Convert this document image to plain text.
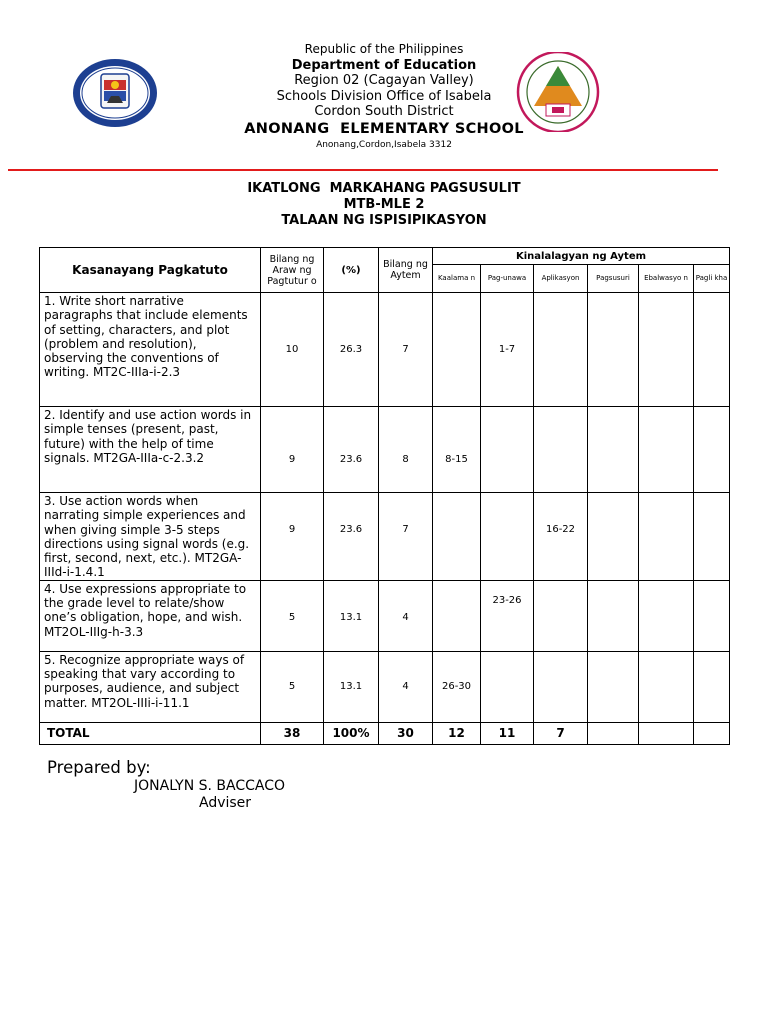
Republic of the Philippines
Department of Education
Region 02 (Cagayan Valley)
Schools Division Office of Isabela
Cordon South District
ANONANG  ELEMENTARY SCHOOL
Anonang,Cordon,Isabela 3312
IKATLONG  MARKAHANG PAGSUSULIT
MTB-MLE 2
TALAAN NG ISPISIPIKASYON
Kasanayang Pagkatuto	Bilang ng Araw ng Pagtutur o	(%)	Bilang ng Aytem	Kinalalagyan ng Aytem					
				Kaalama n	Pag-unawa	Aplikasyon	Pagsusuri	Ebalwasyo n	Pagli kha
1. Write short narrative paragraphs that include elements of setting, characters, and plot (problem and resolution), observing the conventions of writing. MT2C-IIIa-i-2.3	10	26.3	7		1-7				
2. Identify and use action words in simple tenses (present, past, future) with the help of time signals. MT2GA-IIIa-c-2.3.2	9	23.6	8	8-15					
3. Use action words when narrating simple experiences and when giving simple 3-5 steps directions using signal words (e.g. first, second, next, etc.). MT2GA-IIId-i-1.4.1	9	23.6	7			16-22			
4. Use expressions appropriate to the grade level to relate/show one’s obligation, hope, and wish. MT2OL-IIIg-h-3.3	5	13.1	4		23-26				
5. Recognize appropriate ways of speaking that vary according to purposes, audience, and subject matter. MT2OL-IIIi-i-11.1	5	13.1	4	26-30					
TOTAL	38	100%	30	12	11	7			
Prepared by:
JONALYN S. BACCACO
Adviser
